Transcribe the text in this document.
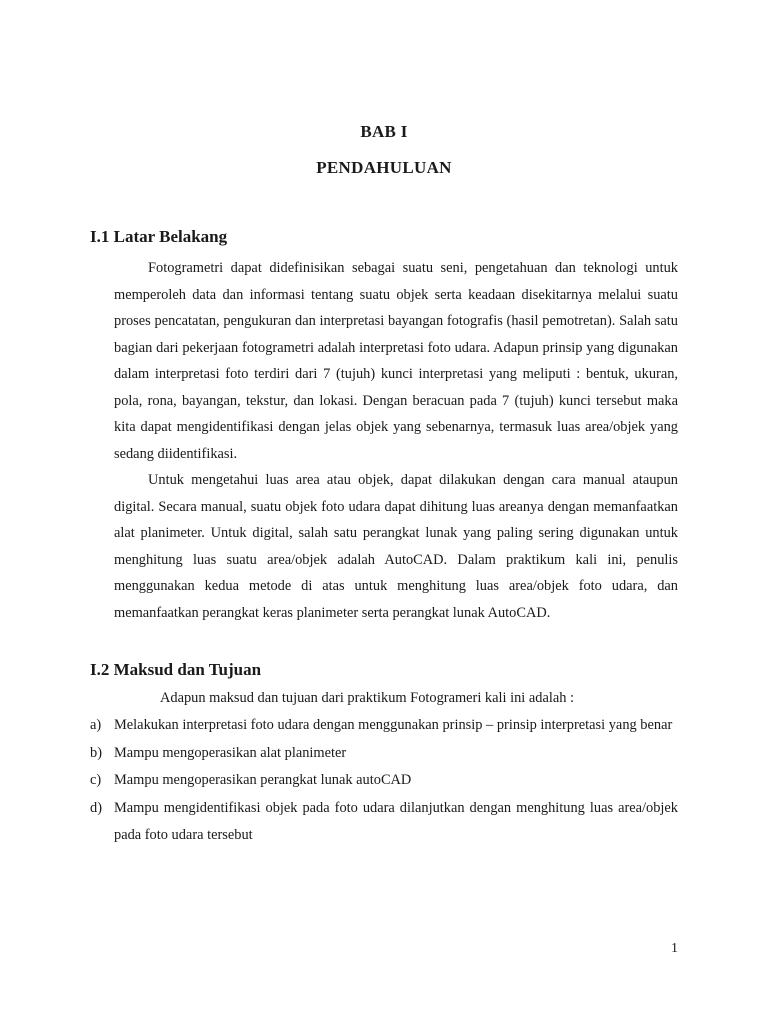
BAB I
PENDAHULUAN
I.1 Latar Belakang

Fotogrametri dapat didefinisikan sebagai suatu seni, pengetahuan dan teknologi untuk memperoleh data dan informasi tentang suatu objek serta keadaan disekitarnya melalui suatu proses pencatatan, pengukuran dan interpretasi bayangan fotografis (hasil pemotretan). Salah satu bagian dari pekerjaan fotogrametri adalah interpretasi foto udara. Adapun prinsip yang digunakan dalam interpretasi foto terdiri dari 7 (tujuh) kunci interpretasi yang meliputi : bentuk, ukuran, pola, rona, bayangan, tekstur, dan lokasi. Dengan beracuan pada 7 (tujuh) kunci tersebut maka kita dapat mengidentifikasi dengan jelas objek yang sebenarnya, termasuk luas area/objek yang sedang diidentifikasi.

Untuk mengetahui luas area atau objek, dapat dilakukan dengan cara manual ataupun digital. Secara manual, suatu objek foto udara dapat dihitung luas areanya dengan memanfaatkan alat planimeter. Untuk digital, salah satu perangkat lunak yang paling sering digunakan untuk menghitung luas suatu area/objek adalah AutoCAD. Dalam praktikum kali ini, penulis menggunakan kedua metode di atas untuk menghitung luas area/objek foto udara, dan memanfaatkan perangkat keras planimeter serta perangkat lunak AutoCAD.

I.2 Maksud dan Tujuan

Adapun maksud dan tujuan dari praktikum Fotogrameri kali ini adalah :

a) Melakukan interpretasi foto udara dengan menggunakan prinsip – prinsip interpretasi yang benar
b) Mampu mengoperasikan alat planimeter
c) Mampu mengoperasikan perangkat lunak autoCAD
d) Mampu mengidentifikasi objek pada foto udara dilanjutkan dengan menghitung luas area/objek pada foto udara tersebut
1
